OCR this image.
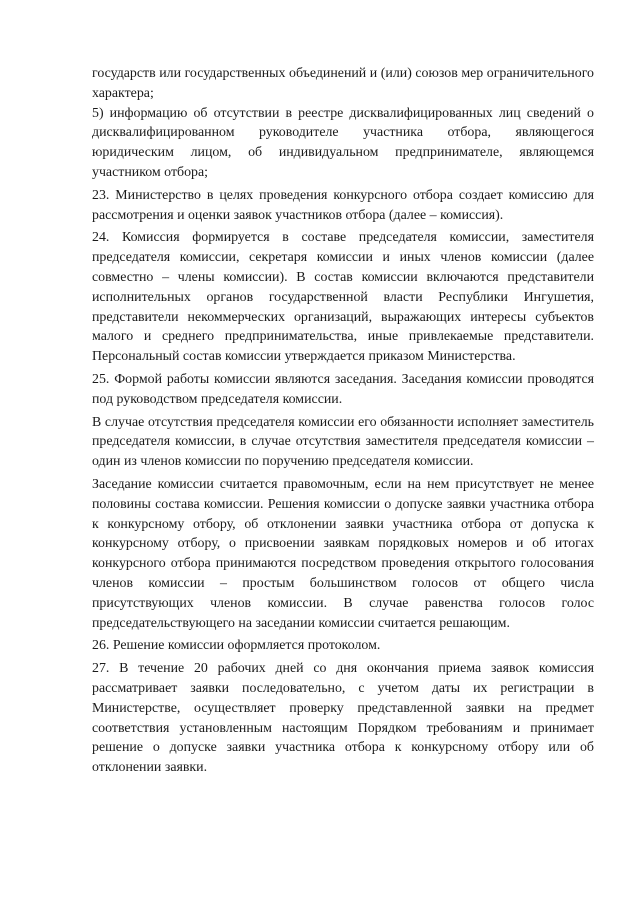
государств или государственных объединений и (или) союзов мер ограничительного характера;

5) информацию об отсутствии в реестре дисквалифицированных лиц сведений о дисквалифицированном руководителе участника отбора, являющегося юридическим лицом, об индивидуальном предпринимателе, являющемся участником отбора;

23. Министерство в целях проведения конкурсного отбора создает комиссию для рассмотрения и оценки заявок участников отбора (далее – комиссия).

24. Комиссия формируется в составе председателя комиссии, заместителя председателя комиссии, секретаря комиссии и иных членов комиссии (далее совместно – члены комиссии). В состав комиссии включаются представители исполнительных органов государственной власти Республики Ингушетия, представители некоммерческих организаций, выражающих интересы субъектов малого и среднего предпринимательства, иные привлекаемые представители. Персональный состав комиссии утверждается приказом Министерства.

25. Формой работы комиссии являются заседания. Заседания комиссии проводятся под руководством председателя комиссии.

В случае отсутствия председателя комиссии его обязанности исполняет заместитель председателя комиссии, в случае отсутствия заместителя председателя комиссии – один из членов комиссии по поручению председателя комиссии.

Заседание комиссии считается правомочным, если на нем присутствует не менее половины состава комиссии. Решения комиссии о допуске заявки участника отбора к конкурсному отбору, об отклонении заявки участника отбора от допуска к конкурсному отбору, о присвоении заявкам порядковых номеров и об итогах конкурсного отбора принимаются посредством проведения открытого голосования членов комиссии – простым большинством голосов от общего числа присутствующих членов комиссии. В случае равенства голосов голос председательствующего на заседании комиссии считается решающим.

26. Решение комиссии оформляется протоколом.

27. В течение 20 рабочих дней со дня окончания приема заявок комиссия рассматривает заявки последовательно, с учетом даты их регистрации в Министерстве, осуществляет проверку представленной заявки на предмет соответствия установленным настоящим Порядком требованиям и принимает решение о допуске заявки участника отбора к конкурсному отбору или об отклонении заявки.
